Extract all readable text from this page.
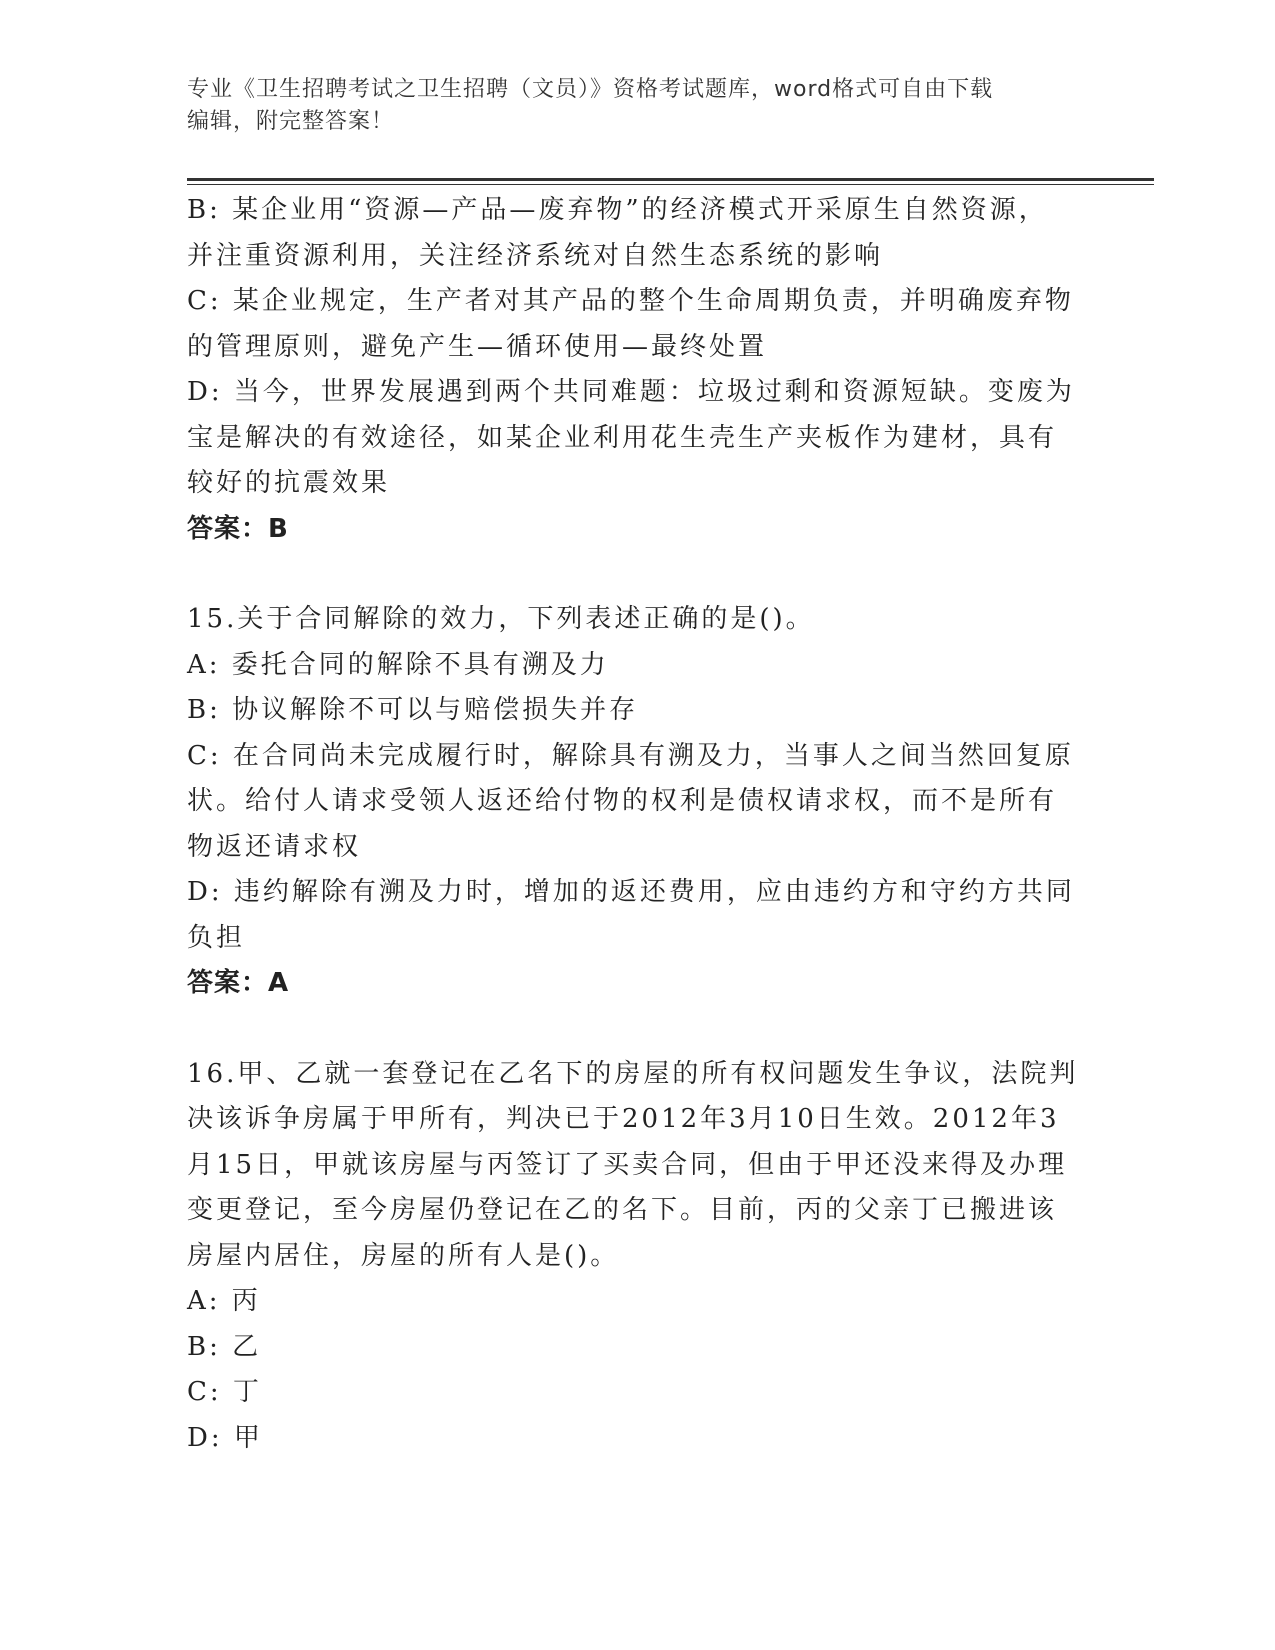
专业《卫生招聘考试之卫生招聘（文员）》资格考试题库，word格式可自由下载
编辑，附完整答案！
B: 某企业用“资源—产品—废弃物”的经济模式开采原生自然资源，
并注重资源利用，关注经济系统对自然生态系统的影响
C: 某企业规定，生产者对其产品的整个生命周期负责，并明确废弃物
的管理原则，避免产生—循环使用—最终处置
D: 当今，世界发展遇到两个共同难题：垃圾过剩和资源短缺。变废为
宝是解决的有效途径，如某企业利用花生壳生产夹板作为建材，具有
较好的抗震效果
答案：B
15.关于合同解除的效力，下列表述正确的是()。
A: 委托合同的解除不具有溯及力
B: 协议解除不可以与赔偿损失并存
C: 在合同尚未完成履行时，解除具有溯及力，当事人之间当然回复原
状。给付人请求受领人返还给付物的权利是债权请求权，而不是所有
物返还请求权
D: 违约解除有溯及力时，增加的返还费用，应由违约方和守约方共同
负担
答案：A
16.甲、乙就一套登记在乙名下的房屋的所有权问题发生争议，法院判
决该诉争房属于甲所有，判决已于2012年3月10日生效。2012年3
月15日，甲就该房屋与丙签订了买卖合同，但由于甲还没来得及办理
变更登记，至今房屋仍登记在乙的名下。目前，丙的父亲丁已搬进该
房屋内居住，房屋的所有人是()。
A: 丙
B: 乙
C: 丁
D: 甲
